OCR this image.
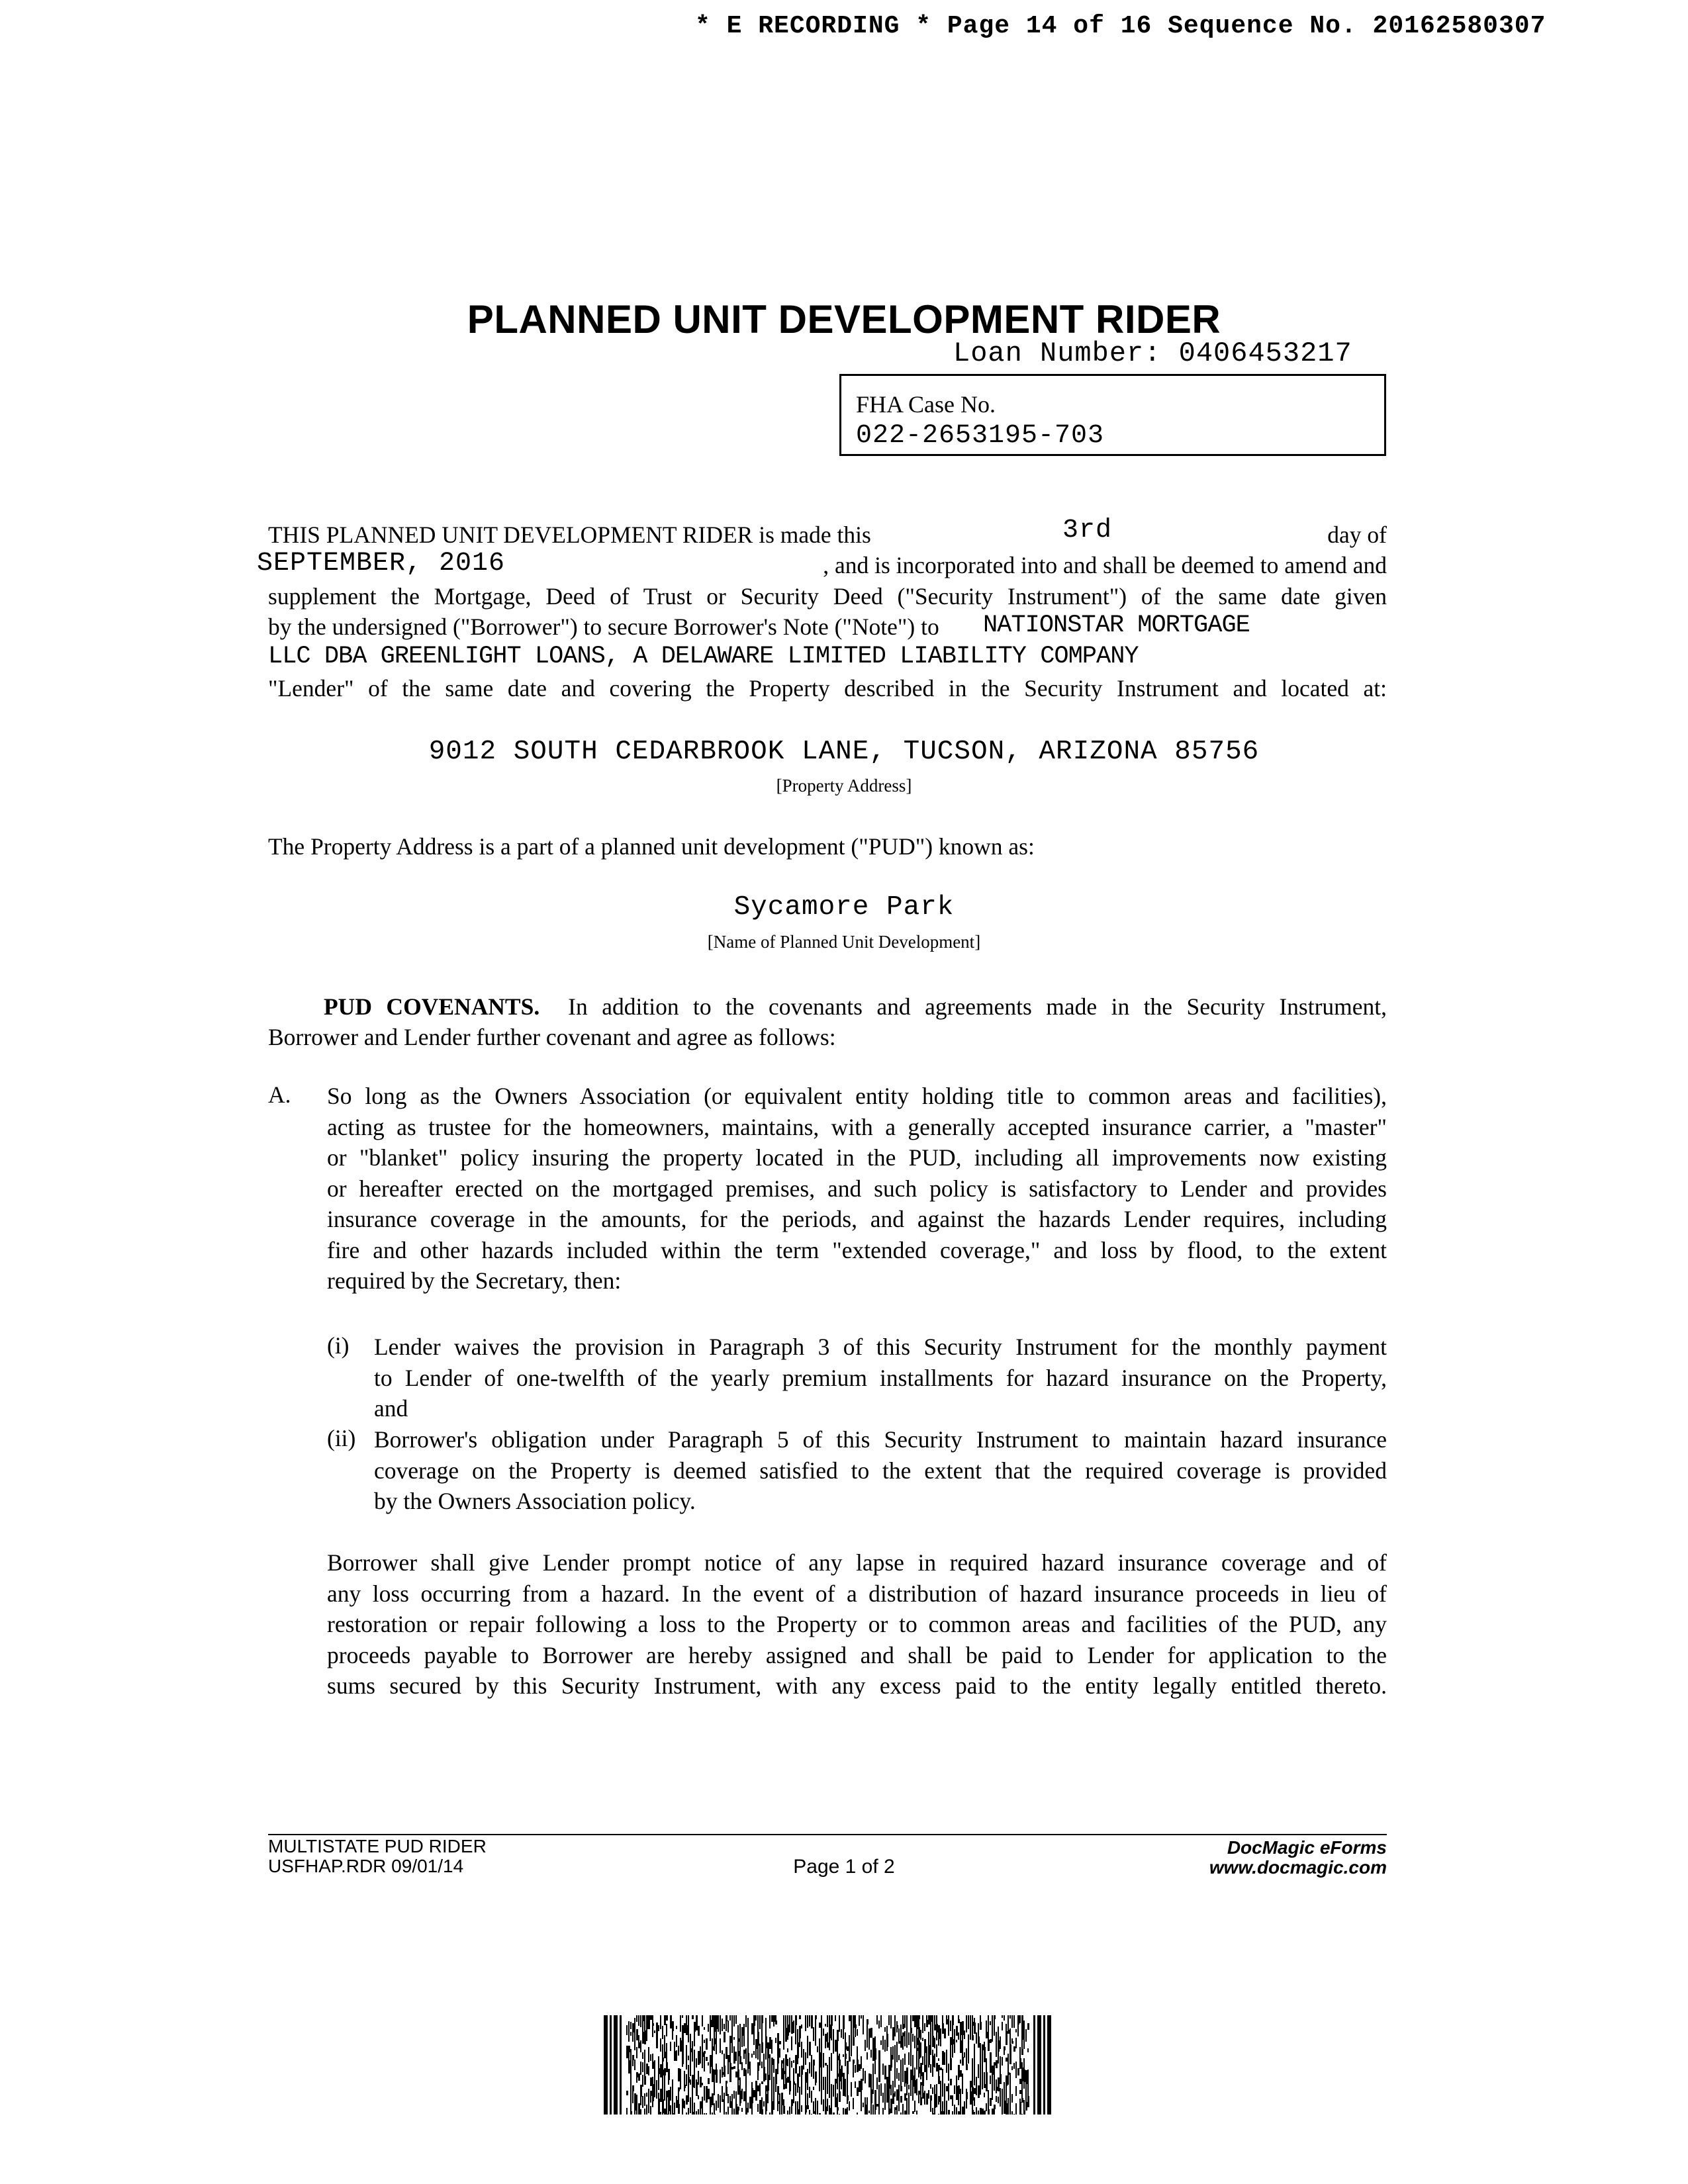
* E RECORDING * Page 14 of 16 Sequence No. 20162580307
PLANNED UNIT DEVELOPMENT RIDER
Loan Number: 0406453217
FHA Case No.
022-2653195-703
THIS PLANNED UNIT DEVELOPMENT RIDER is made this	3rd	day of
SEPTEMBER, 2016	, and is incorporated into and shall be deemed to amend and
supplement the Mortgage, Deed of Trust or Security Deed ("Security Instrument") of the same date given
by the undersigned ("Borrower") to secure Borrower's Note ("Note") to NATIONSTAR MORTGAGE
LLC DBA GREENLIGHT LOANS, A DELAWARE LIMITED LIABILITY COMPANY
"Lender" of the same date and covering the Property described in the Security Instrument and located at:
9012 SOUTH CEDARBROOK LANE, TUCSON, ARIZONA 85756
[Property Address]
The Property Address is a part of a planned unit development ("PUD") known as:
Sycamore Park
[Name of Planned Unit Development]
PUD COVENANTS. In addition to the covenants and agreements made in the Security Instrument,
Borrower and Lender further covenant and agree as follows:
A. So long as the Owners Association (or equivalent entity holding title to common areas and facilities),
acting as trustee for the homeowners, maintains, with a generally accepted insurance carrier, a "master"
or "blanket" policy insuring the property located in the PUD, including all improvements now existing
or hereafter erected on the mortgaged premises, and such policy is satisfactory to Lender and provides
insurance coverage in the amounts, for the periods, and against the hazards Lender requires, including
fire and other hazards included within the term "extended coverage," and loss by flood, to the extent
required by the Secretary, then:
(i) Lender waives the provision in Paragraph 3 of this Security Instrument for the monthly payment
to Lender of one-twelfth of the yearly premium installments for hazard insurance on the Property,
and
(ii) Borrower's obligation under Paragraph 5 of this Security Instrument to maintain hazard insurance
coverage on the Property is deemed satisfied to the extent that the required coverage is provided
by the Owners Association policy.
Borrower shall give Lender prompt notice of any lapse in required hazard insurance coverage and of
any loss occurring from a hazard. In the event of a distribution of hazard insurance proceeds in lieu of
restoration or repair following a loss to the Property or to common areas and facilities of the PUD, any
proceeds payable to Borrower are hereby assigned and shall be paid to Lender for application to the
sums secured by this Security Instrument, with any excess paid to the entity legally entitled thereto.
MULTISTATE PUD RIDER
USFHAP.RDR 09/01/14	Page 1 of 2
DocMagic eForms
www.docmagic.com
